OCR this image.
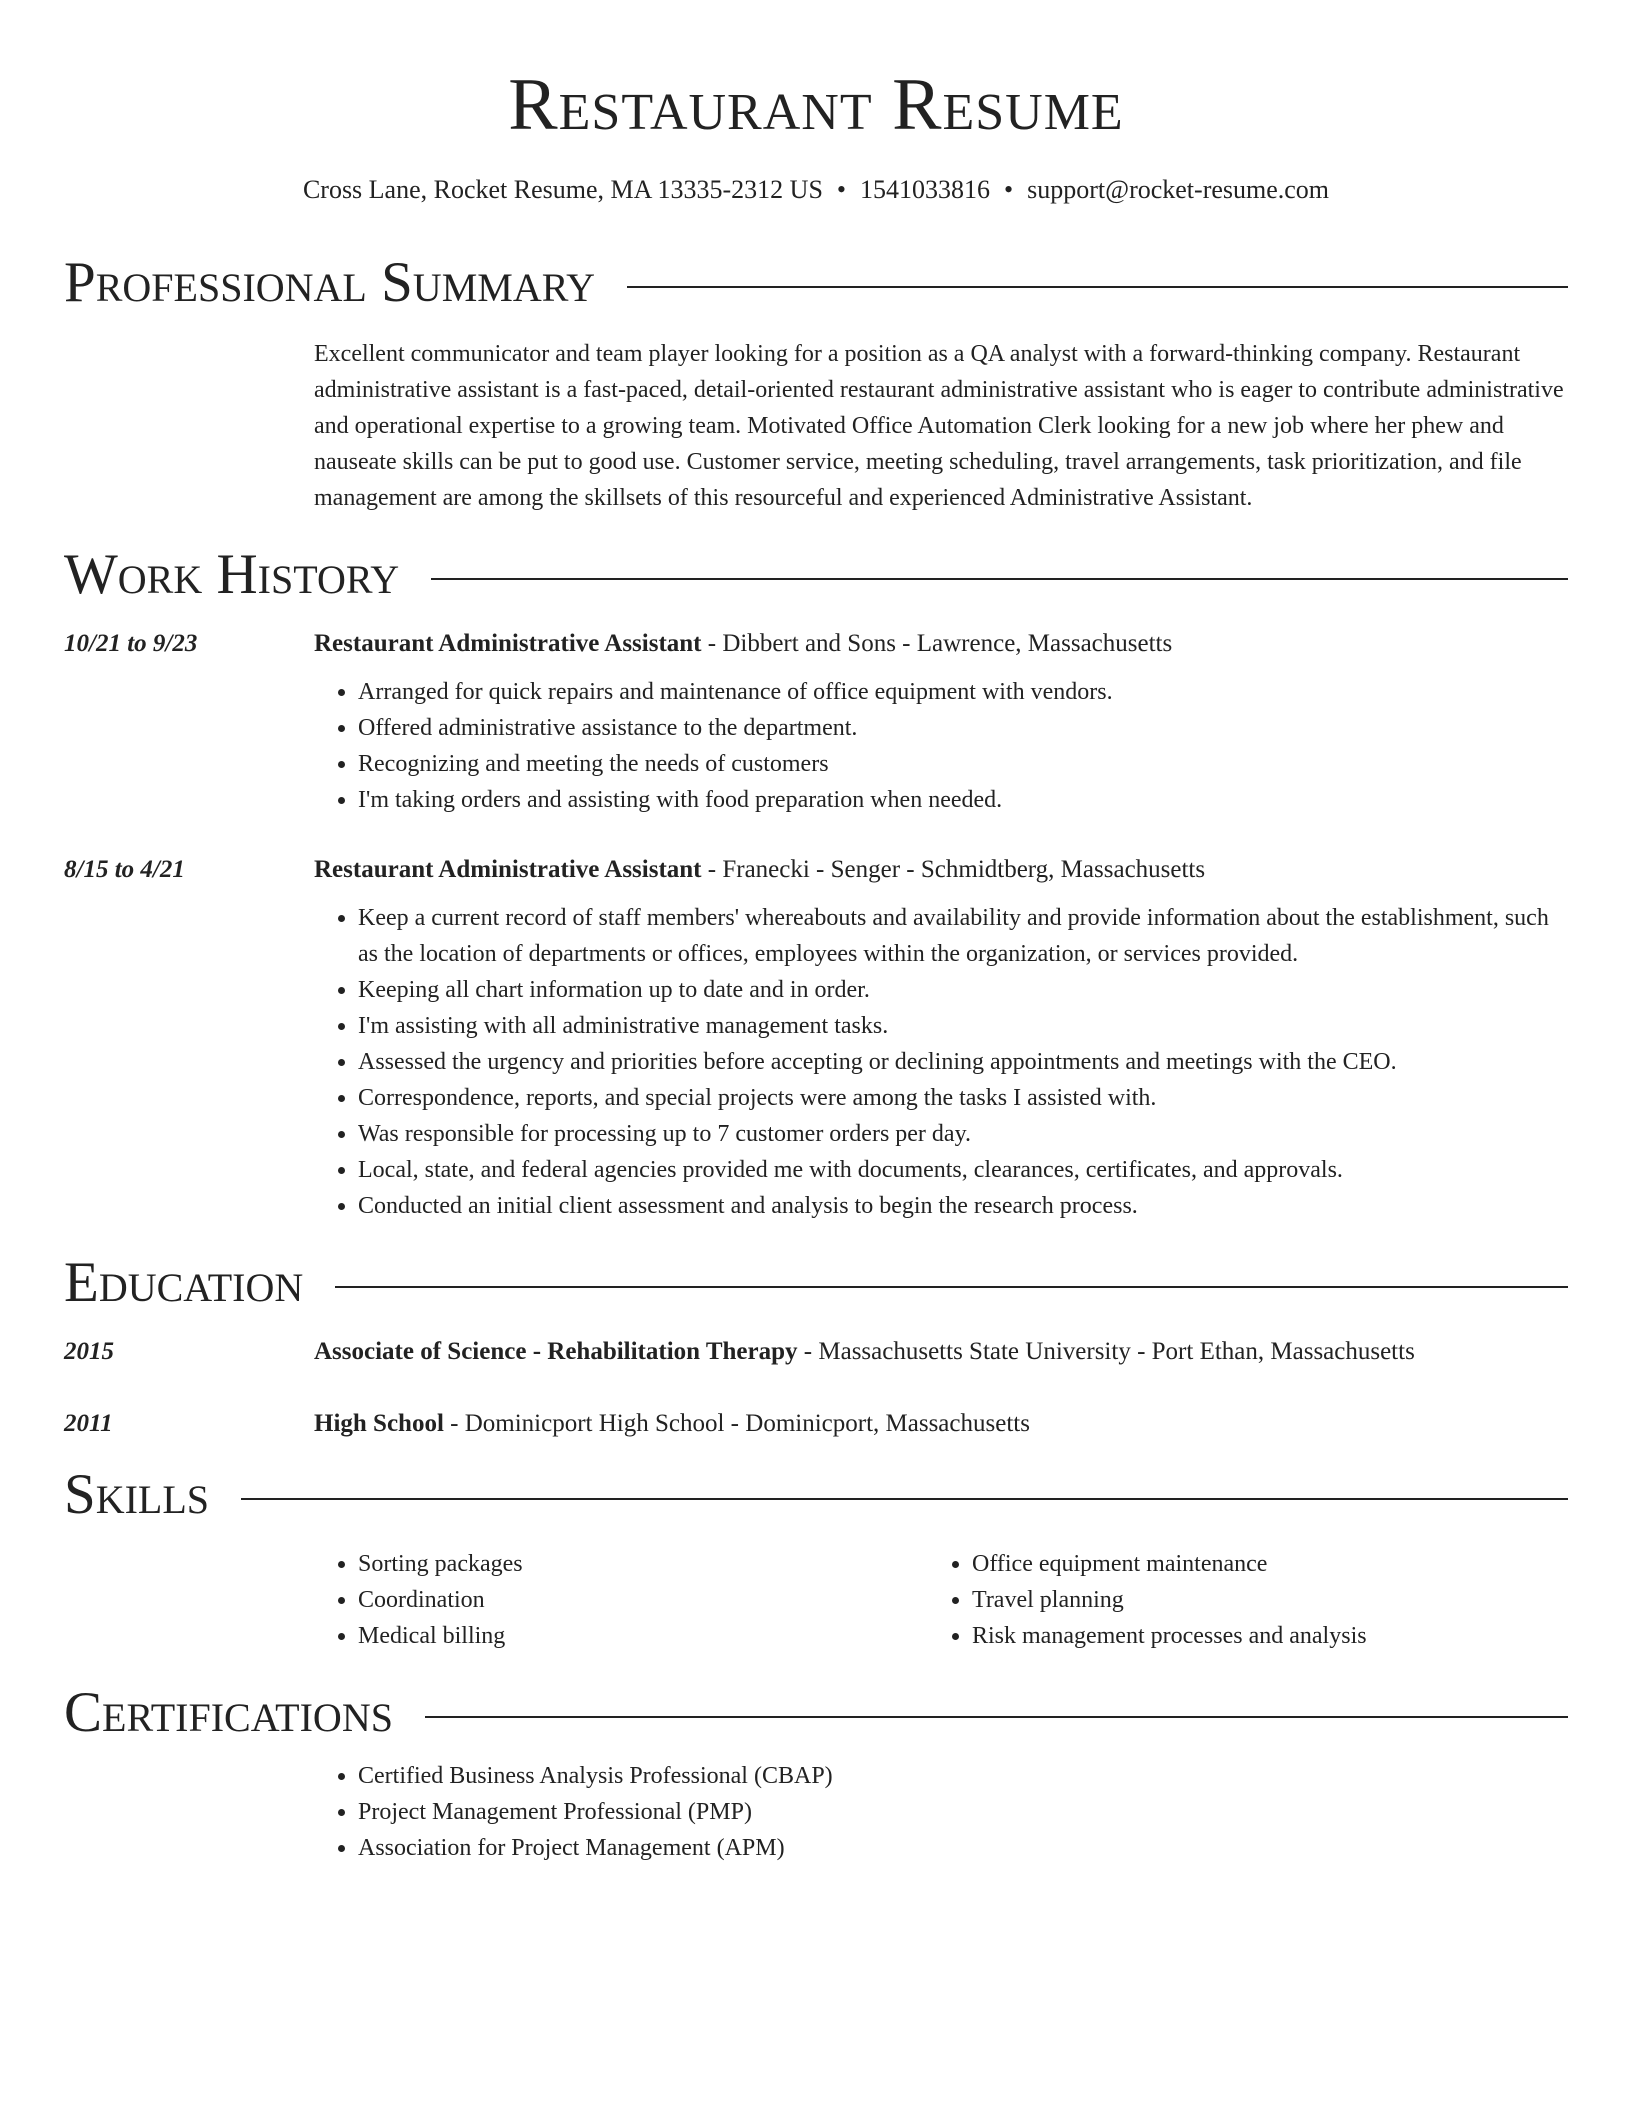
Restaurant Resume
Cross Lane, Rocket Resume, MA 13335-2312 US • 1541033816 • support@rocket-resume.com
Professional Summary
Excellent communicator and team player looking for a position as a QA analyst with a forward-thinking company. Restaurant administrative assistant is a fast-paced, detail-oriented restaurant administrative assistant who is eager to contribute administrative and operational expertise to a growing team. Motivated Office Automation Clerk looking for a new job where her phew and nauseate skills can be put to good use. Customer service, meeting scheduling, travel arrangements, task prioritization, and file management are among the skillsets of this resourceful and experienced Administrative Assistant.
Work History
10/21 to 9/23	Restaurant Administrative Assistant - Dibbert and Sons - Lawrence, Massachusetts
• Arranged for quick repairs and maintenance of office equipment with vendors.
• Offered administrative assistance to the department.
• Recognizing and meeting the needs of customers
• I'm taking orders and assisting with food preparation when needed.
8/15 to 4/21	Restaurant Administrative Assistant - Franecki - Senger - Schmidtberg, Massachusetts
• Keep a current record of staff members' whereabouts and availability and provide information about the establishment, such as the location of departments or offices, employees within the organization, or services provided.
• Keeping all chart information up to date and in order.
• I'm assisting with all administrative management tasks.
• Assessed the urgency and priorities before accepting or declining appointments and meetings with the CEO.
• Correspondence, reports, and special projects were among the tasks I assisted with.
• Was responsible for processing up to 7 customer orders per day.
• Local, state, and federal agencies provided me with documents, clearances, certificates, and approvals.
• Conducted an initial client assessment and analysis to begin the research process.
Education
2015	Associate of Science - Rehabilitation Therapy - Massachusetts State University - Port Ethan, Massachusetts
2011	High School - Dominicport High School - Dominicport, Massachusetts
Skills
• Sorting packages
• Coordination
• Medical billing
• Office equipment maintenance
• Travel planning
• Risk management processes and analysis
Certifications
• Certified Business Analysis Professional (CBAP)
• Project Management Professional (PMP)
• Association for Project Management (APM)
